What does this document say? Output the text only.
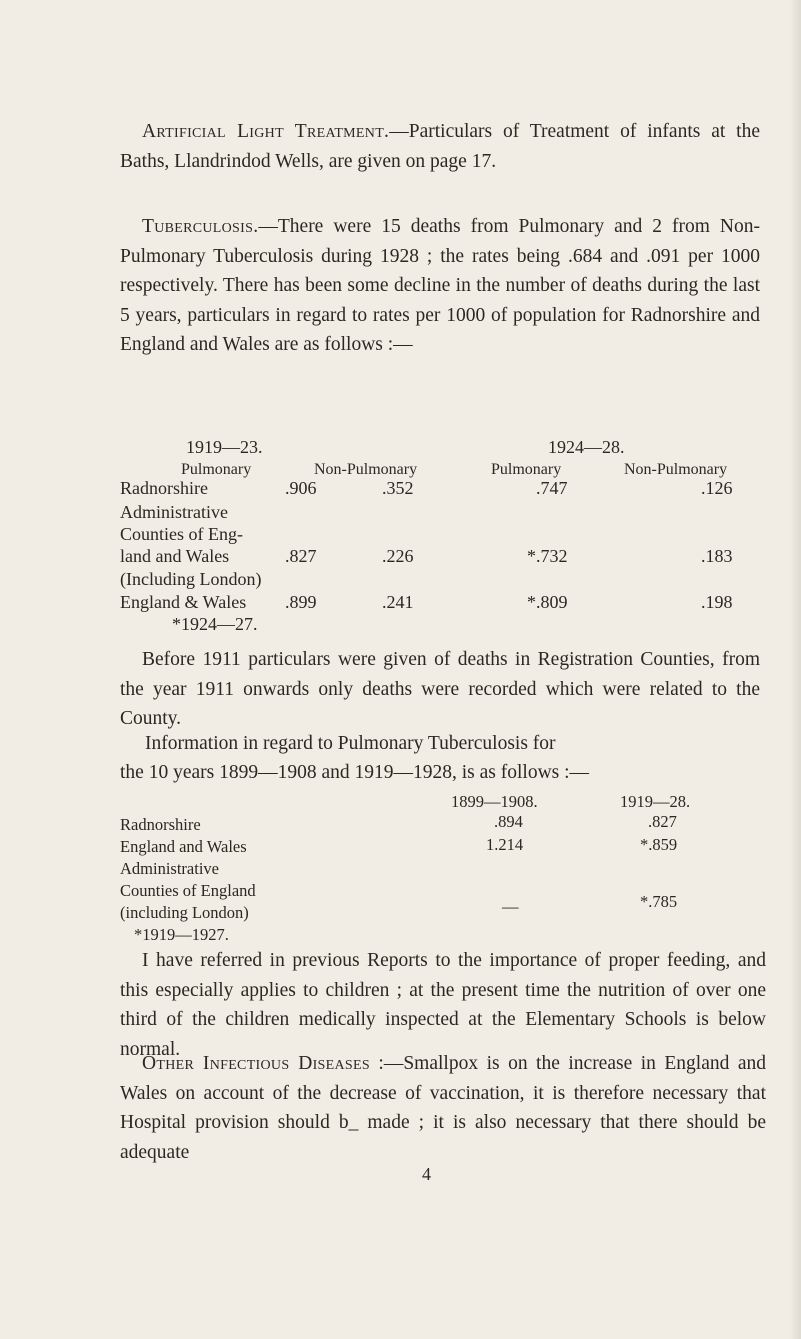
Artificial Light Treatment.—Particulars of Treatment of infants at the Baths, Llandrindod Wells, are given on page 17.

Tuberculosis.—There were 15 deaths from Pulmonary and 2 from Non-Pulmonary Tuberculosis during 1928 ; the rates being .684 and .091 per 1000 respectively. There has been some decline in the number of deaths during the last 5 years, particulars in regard to rates per 1000 of population for Radnorshire and England and Wales are as follows :—

1919—23.	1924—28.
Pulmonary	Non-Pulmonary	Pulmonary	Non-Pulmonary
Radnorshire	.906	.352	.747	.126
Administrative
Counties of Eng-
land and Wales	.827	.226	*.732	.183
(Including London)
England & Wales .899	.241	*.809	.198
*1924—27.

Before 1911 particulars were given of deaths in Registration Counties, from the year 1911 onwards only deaths were recorded which were related to the County.

Information in regard to Pulmonary Tuberculosis for
the 10 years 1899—1908 and 1919—1928, is as follows :—
1899—1908.	1919—28.
Radnorshire	.894	.827
England and Wales	1.214	*.859
Administrative
Counties of England
(including London)	—	*.785
*1919—1927.

I have referred in previous Reports to the importance of proper feeding, and this especially applies to children ; at the present time the nutrition of over one third of the children medically inspected at the Elementary Schools is below normal.

Other Infectious Diseases :—Smallpox is on the increase in England and Wales on account of the decrease of vaccination, it is therefore necessary that Hospital provision should b_ made ; it is also necessary that there should be adequate

4
